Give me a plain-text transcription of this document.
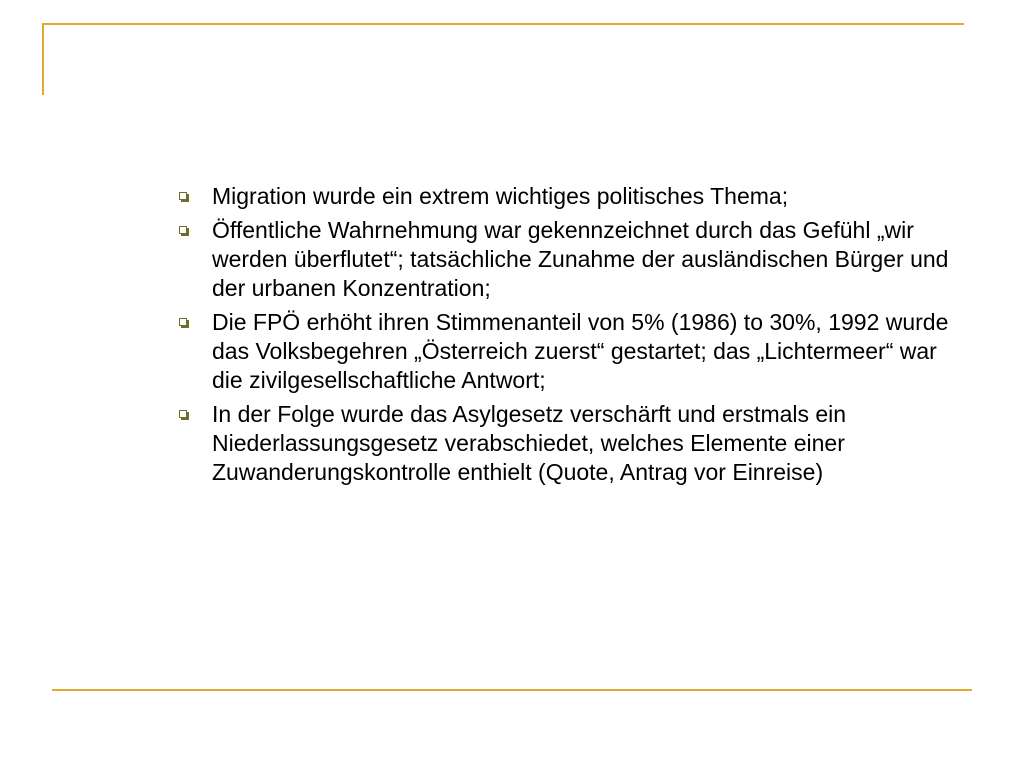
Migration wurde ein extrem wichtiges politisches Thema;
Öffentliche Wahrnehmung war gekennzeichnet durch das Gefühl „wir werden überflutet“; tatsächliche Zunahme der ausländischen Bürger und der urbanen Konzentration;
Die FPÖ erhöht ihren Stimmenanteil von 5% (1986) to 30%, 1992 wurde das Volksbegehren „Österreich zuerst“ gestartet; das „Lichtermeer“ war die zivilgesellschaftliche Antwort;
In der Folge wurde das Asylgesetz verschärft und erstmals ein Niederlassungsgesetz verabschiedet, welches Elemente einer Zuwanderungskontrolle enthielt (Quote, Antrag vor Einreise)
